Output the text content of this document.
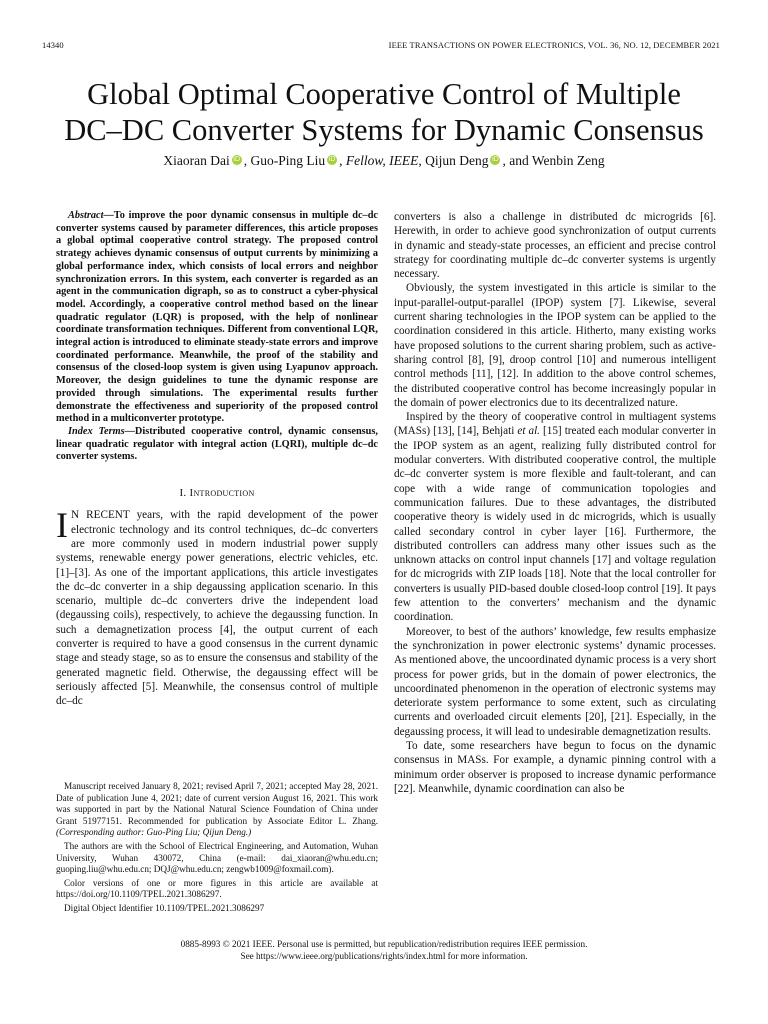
14340	IEEE TRANSACTIONS ON POWER ELECTRONICS, VOL. 36, NO. 12, DECEMBER 2021
Global Optimal Cooperative Control of Multiple
DC–DC Converter Systems for Dynamic Consensus
Xiaoran Dai iD , Guo-Ping Liu iD , Fellow, IEEE, Qijun Deng iD , and Wenbin Zeng

Abstract—To improve the poor dynamic consensus in multiple dc–dc converter systems caused by parameter differences, this article proposes a global optimal cooperative control strategy. The proposed control strategy achieves dynamic consensus of output currents by minimizing a global performance index, which consists of local errors and neighbor synchronization errors. In this system, each converter is regarded as an agent in the communication digraph, so as to construct a cyber-physical model. Accordingly, a cooperative control method based on the linear quadratic regulator (LQR) is proposed, with the help of nonlinear coordinate transformation techniques. Different from conventional LQR, integral action is introduced to eliminate steady-state errors and improve coordinated performance. Meanwhile, the proof of the stability and consensus of the closed-loop system is given using Lyapunov approach. Moreover, the design guidelines to tune the dynamic response are provided through simulations. The experimental results further demonstrate the effectiveness and superiority of the proposed control method in a multiconverter prototype.

Index Terms—Distributed cooperative control, dynamic consensus, linear quadratic regulator with integral action (LQRI), multiple dc–dc converter systems.

I. Introduction

I N RECENT years, with the rapid development of the power electronic technology and its control techniques, dc–dc converters are more commonly used in modern industrial power supply systems, renewable energy power generations, electric vehicles, etc. [1]–[3]. As one of the important applications, this article investigates the dc–dc converter in a ship degaussing application scenario. In this scenario, multiple dc–dc converters drive the independent load (degaussing coils), respectively, to achieve the degaussing function. In such a demagnetization process [4], the output current of each converter is required to have a good consensus in the current dynamic stage and steady stage, so as to ensure the consensus and stability of the generated magnetic field. Otherwise, the degaussing effect will be seriously affected [5]. Meanwhile, the consensus control of multiple dc–dc

Manuscript received January 8, 2021; revised April 7, 2021; accepted May 28, 2021. Date of publication June 4, 2021; date of current version August 16, 2021. This work was supported in part by the National Natural Science Foundation of China under Grant 51977151. Recommended for publication by Associate Editor L. Zhang. (Corresponding author: Guo-Ping Liu; Qijun Deng.)

The authors are with the School of Electrical Engineering, and Automation, Wuhan University, Wuhan 430072, China (e-mail: dai_xiaoran@whu.edu.cn; guoping.liu@whu.edu.cn; DQJ@whu.edu.cn; zengwb1009@foxmail.com).

Color versions of one or more figures in this article are available at https://doi.org/10.1109/TPEL.2021.3086297.

Digital Object Identifier 10.1109/TPEL.2021.3086297

converters is also a challenge in distributed dc microgrids [6]. Herewith, in order to achieve good synchronization of output currents in dynamic and steady-state processes, an efficient and precise control strategy for coordinating multiple dc–dc converter systems is urgently necessary.

Obviously, the system investigated in this article is similar to the input-parallel-output-parallel (IPOP) system [7]. Likewise, several current sharing technologies in the IPOP system can be applied to the coordination considered in this article. Hitherto, many existing works have proposed solutions to the current sharing problem, such as active-sharing control [8], [9], droop control [10] and numerous intelligent control methods [11], [12]. In addition to the above control schemes, the distributed cooperative control has become increasingly popular in the domain of power electronics due to its decentralized nature.

Inspired by the theory of cooperative control in multiagent systems (MASs) [13], [14], Behjati et al. [15] treated each modular converter in the IPOP system as an agent, realizing fully distributed control for modular converters. With distributed cooperative control, the multiple dc–dc converter system is more flexible and fault-tolerant, and can cope with a wide range of communication topologies and communication failures. Due to these advantages, the distributed cooperative theory is widely used in dc microgrids, which is usually called secondary control in cyber layer [16]. Furthermore, the distributed controllers can address many other issues such as the unknown attacks on control input channels [17] and voltage regulation for dc microgrids with ZIP loads [18]. Note that the local controller for converters is usually PID-based double closed-loop control [19]. It pays few attention to the converters’ mechanism and the dynamic coordination.

Moreover, to best of the authors’ knowledge, few results emphasize the synchronization in power electronic systems’ dynamic processes. As mentioned above, the uncoordinated dynamic process is a very short process for power grids, but in the domain of power electronics, the uncoordinated phenomenon in the operation of electronic systems may deteriorate system performance to some extent, such as circulating currents and overloaded circuit elements [20], [21]. Especially, in the degaussing process, it will lead to undesirable demagnetization results.

To date, some researchers have begun to focus on the dynamic consensus in MASs. For example, a dynamic pinning control with a minimum order observer is proposed to increase dynamic performance [22]. Meanwhile, dynamic coordination can also be

0885-8993 © 2021 IEEE. Personal use is permitted, but republication/redistribution requires IEEE permission.
See https://www.ieee.org/publications/rights/index.html for more information.
